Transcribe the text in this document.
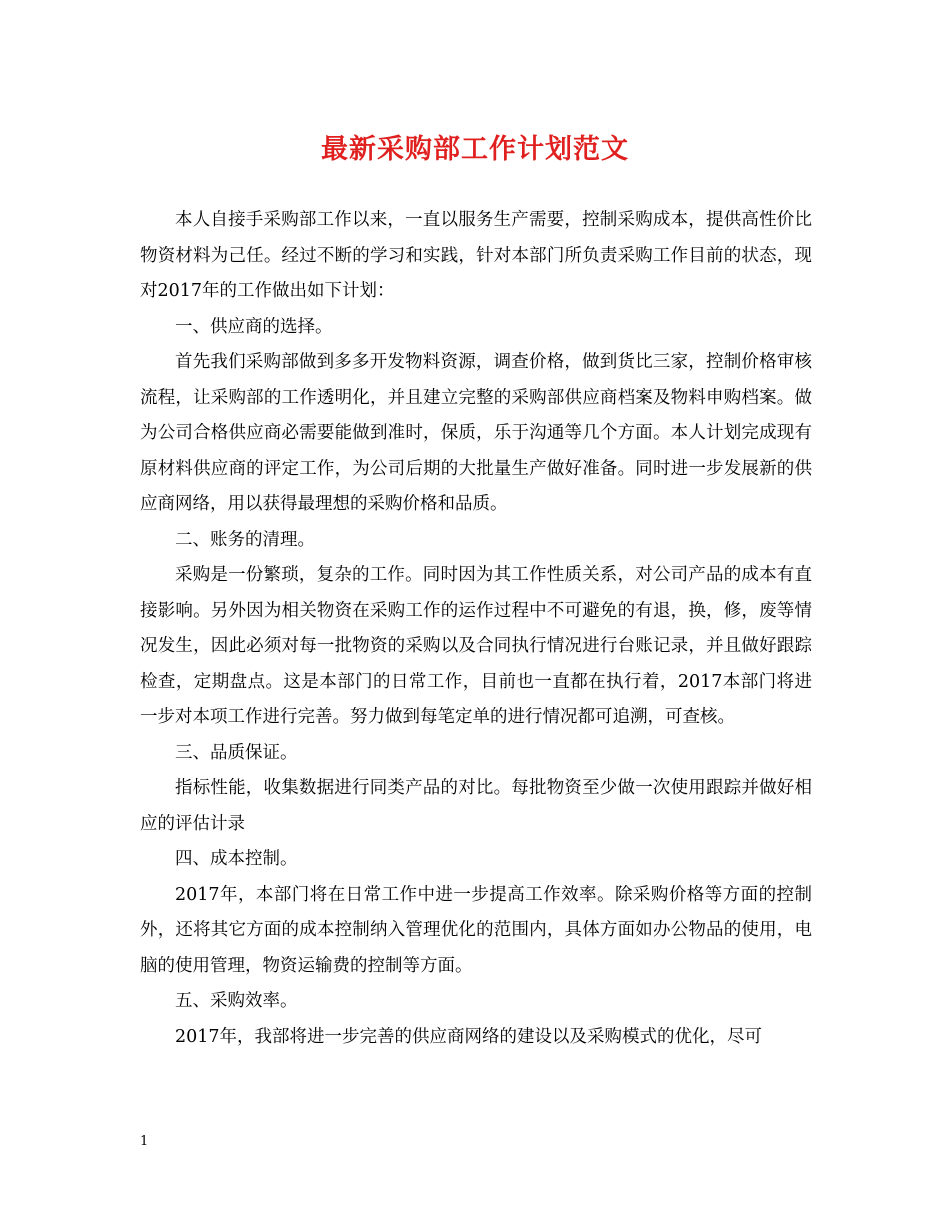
最新采购部工作计划范文

本人自接手采购部工作以来，一直以服务生产需要，控制采购成本，提供高性价比物资材料为己任。经过不断的学习和实践，针对本部门所负责采购工作目前的状态，现对2017年的工作做出如下计划：

一、供应商的选择。

首先我们采购部做到多多开发物料资源，调查价格，做到货比三家，控制价格审核流程，让采购部的工作透明化，并且建立完整的采购部供应商档案及物料申购档案。做为公司合格供应商必需要能做到准时，保质，乐于沟通等几个方面。本人计划完成现有原材料供应商的评定工作，为公司后期的大批量生产做好准备。同时进一步发展新的供应商网络，用以获得最理想的采购价格和品质。

二、账务的清理。

采购是一份繁琐，复杂的工作。同时因为其工作性质关系，对公司产品的成本有直接影响。另外因为相关物资在采购工作的运作过程中不可避免的有退，换，修，废等情况发生，因此必须对每一批物资的采购以及合同执行情况进行台账记录，并且做好跟踪检查，定期盘点。这是本部门的日常工作，目前也一直都在执行着，2017本部门将进一步对本项工作进行完善。努力做到每笔定单的进行情况都可追溯，可查核。

三、品质保证。

指标性能，收集数据进行同类产品的对比。每批物资至少做一次使用跟踪并做好相应的评估计录

四、成本控制。

2017年，本部门将在日常工作中进一步提高工作效率。除采购价格等方面的控制外，还将其它方面的成本控制纳入管理优化的范围内，具体方面如办公物品的使用，电脑的使用管理，物资运输费的控制等方面。

五、采购效率。

2017年，我部将进一步完善的供应商网络的建设以及采购模式的优化，尽可

1
